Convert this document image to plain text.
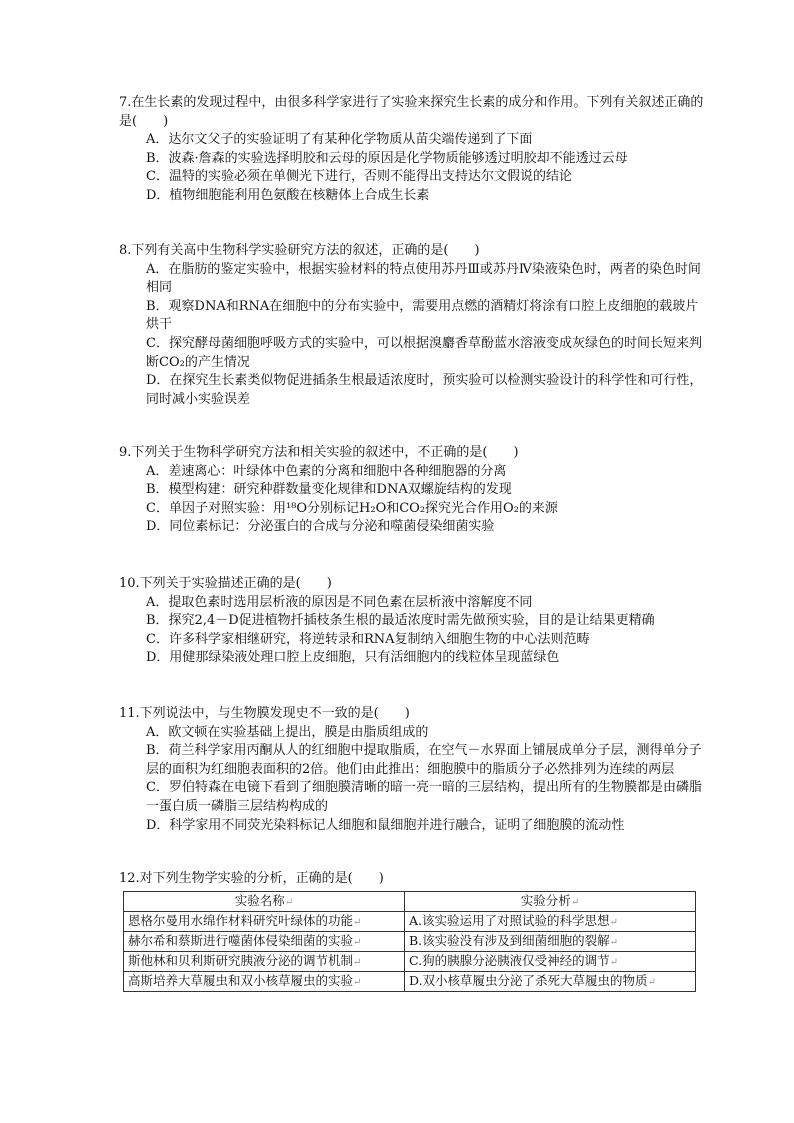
7.在生长素的发现过程中，由很多科学家进行了实验来探究生长素的成分和作用。下列有关叙述正确的是(　　)

A．达尔文父子的实验证明了有某种化学物质从苗尖端传递到了下面
B．波森·詹森的实验选择明胶和云母的原因是化学物质能够透过明胶却不能透过云母
C．温特的实验必须在单侧光下进行，否则不能得出支持达尔文假说的结论
D．植物细胞能利用色氨酸在核糖体上合成生长素

8.下列有关高中生物科学实验研究方法的叙述，正确的是(　　)

A．在脂肪的鉴定实验中，根据实验材料的特点使用苏丹Ⅲ或苏丹Ⅳ染液染色时，两者的染色时间相同
B．观察DNA和RNA在细胞中的分布实验中，需要用点燃的酒精灯将涂有口腔上皮细胞的载玻片烘干
C．探究酵母菌细胞呼吸方式的实验中，可以根据溴麝香草酚蓝水溶液变成灰绿色的时间长短来判断CO₂的产生情况
D．在探究生长素类似物促进插条生根最适浓度时，预实验可以检测实验设计的科学性和可行性，同时减小实验误差

9.下列关于生物科学研究方法和相关实验的叙述中，不正确的是(　　)

A．差速离心：叶绿体中色素的分离和细胞中各种细胞器的分离
B．模型构建：研究种群数量变化规律和DNA双螺旋结构的发现
C．单因子对照实验：用¹⁸O分别标记H₂O和CO₂探究光合作用O₂的来源
D．同位素标记：分泌蛋白的合成与分泌和噬菌侵染细菌实验

10.下列关于实验描述正确的是(　　)

A．提取色素时选用层析液的原因是不同色素在层析液中溶解度不同
B．探究2,4－D促进植物扦插枝条生根的最适浓度时需先做预实验，目的是让结果更精确
C．许多科学家相继研究，将逆转录和RNA复制纳入细胞生物的中心法则范畴
D．用健那绿染液处理口腔上皮细胞，只有活细胞内的线粒体呈现蓝绿色

11.下列说法中，与生物膜发现史不一致的是(　　)

A．欧文顿在实验基础上提出，膜是由脂质组成的
B．荷兰科学家用丙酮从人的红细胞中提取脂质，在空气－水界面上铺展成单分子层，测得单分子层的面积为红细胞表面积的2倍。他们由此推出：细胞膜中的脂质分子必然排列为连续的两层
C．罗伯特森在电镜下看到了细胞膜清晰的暗一亮一暗的三层结构，提出所有的生物膜都是由磷脂一蛋白质一磷脂三层结构构成的
D．科学家用不同荧光染料标记人细胞和鼠细胞并进行融合，证明了细胞膜的流动性

12.对下列生物学实验的分析，正确的是(　　)

实验名称↵	实验分析↵
恩格尔曼用水绵作材料研究叶绿体的功能↵	A.该实验运用了对照试验的科学思想↵
赫尔希和蔡斯进行噬菌体侵染细菌的实验↵	B.该实验没有涉及到细菌细胞的裂解↵
斯他林和贝利斯研究胰液分泌的调节机制↵	C.狗的胰腺分泌胰液仅受神经的调节↵
高斯培养大草履虫和双小核草履虫的实验↵	D.双小核草履虫分泌了杀死大草履虫的物质↵
